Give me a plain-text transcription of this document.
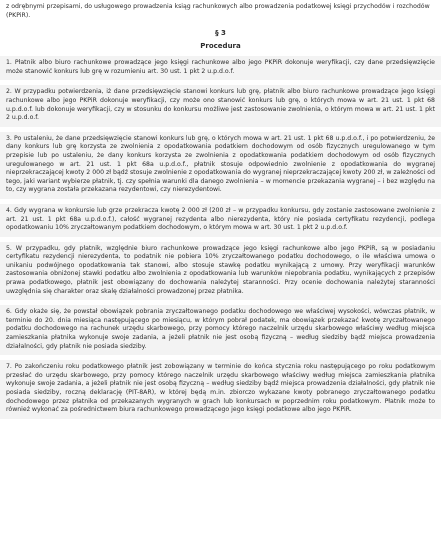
z odrębnymi przepisami, do usługowego prowadzenia ksiąg rachunkowych albo prowadzenia podatkowej księgi przychodów i rozchodów (PKPiR).

§ 3
Procedura
1. Płatnik albo biuro rachunkowe prowadzące jego księgi rachunkowe albo jego PKPiR dokonuje weryfikacji, czy dane przedsięwzięcie może stanowić konkurs lub grę w rozumieniu art. 30 ust. 1 pkt 2 u.p.d.o.f.
2. W przypadku potwierdzenia, iż dane przedsięwzięcie stanowi konkurs lub grę, płatnik albo biuro rachunkowe prowadzące jego księgi rachunkowe albo jego PKPiR dokonuje weryfikacji, czy może ono stanowić konkurs lub grę, o których mowa w art. 21 ust. 1 pkt 68 u.p.d.o.f. lub dokonuje weryfikacji, czy w stosunku do konkursu możliwe jest zastosowanie zwolnienia, o którym mowa w art. 21 ust. 1 pkt 2 u.p.d.o.f.
3. Po ustaleniu, że dane przedsięwzięcie stanowi konkurs lub grę, o których mowa w art. 21 ust. 1 pkt 68 u.p.d.o.f., i po potwierdzeniu, że dany konkurs lub grę korzysta ze zwolnienia z opodatkowania podatkiem dochodowym od osób fizycznych uregulowanego w tym przepisie lub po ustaleniu, że dany konkurs korzysta ze zwolnienia z opodatkowania podatkiem dochodowym od osób fizycznych uregulowanego w art. 21 ust. 1 pkt 68a u.p.d.o.f., płatnik stosuje odpowiednio zwolnienie z opodatkowania do wygranej nieprzekraczającej kwoty 2 000 zł bądź stosuje zwolnienie z opodatkowania do wygranej nieprzekraczającej kwoty 200 zł, w zależności od tego, jaki wariant wybierze płatnik, tj. czy spełnia warunki dla danego zwolnienia – w momencie przekazania wygranej – i bez względu na to, czy wygrana została przekazana rezydentowi, czy nierezydentowi.
4. Gdy wygrana w konkursie lub grze przekracza kwotę 2 000 zł (200 zł – w przypadku konkursu, gdy zostanie zastosowane zwolnienie z art. 21 ust. 1 pkt 68a u.p.d.o.f.), całość wygranej rezydenta albo nierezydenta, który nie posiada certyfikatu rezydencji, podlega opodatkowaniu 10% zryczałtowanym podatkiem dochodowym, o którym mowa w art. 30 ust. 1 pkt 2 u.p.d.o.f.
5. W przypadku, gdy płatnik, względnie biuro rachunkowe prowadzące jego księgi rachunkowe albo jego PKPiR, są w posiadaniu certyfikatu rezydencji nierezydenta, to podatnik nie pobiera 10% zryczałtowanego podatku dochodowego, o ile właściwa umowa o unikaniu podwójnego opodatkowania tak stanowi, albo stosuje stawkę podatku wynikającą z umowy. Przy weryfikacji warunków zastosowania obniżonej stawki podatku albo zwolnienia z opodatkowania lub warunków niepobrania podatku, wynikających z przepisów prawa podatkowego, płatnik jest obowiązany do dochowania należytej staranności. Przy ocenie dochowania należytej staranności uwzględnia się charakter oraz skalę działalności prowadzonej przez płatnika.
6. Gdy okaże się, że powstał obowiązek pobrania zryczałtowanego podatku dochodowego we właściwej wysokości, wówczas płatnik, w terminie do 20. dnia miesiąca następującego po miesiącu, w którym pobrał podatek, ma obowiązek przekazać kwotę zryczałtowanego podatku dochodowego na rachunek urzędu skarbowego, przy pomocy którego naczelnik urzędu skarbowego właściwy według miejsca zamieszkania płatnika wykonuje swoje zadania, a jeżeli płatnik nie jest osobą fizyczną – według siedziby bądź miejsca prowadzenia działalności, gdy płatnik nie posiada siedziby.
7. Po zakończeniu roku podatkowego płatnik jest zobowiązany w terminie do końca stycznia roku następującego po roku podatkowym przesłać do urzędu skarbowego, przy pomocy którego naczelnik urzędu skarbowego właściwy według miejsca zamieszkania płatnika wykonuje swoje zadania, a jeżeli płatnik nie jest osobą fizyczną – według siedziby bądź miejsca prowadzenia działalności, gdy płatnik nie posiada siedziby, roczną deklarację (PIT-8AR), w której będą m.in. zbiorczo wykazane kwoty pobranego zryczałtowanego podatku dochodowego przez płatnika od przekazanych wygranych w grach lub konkursach w poprzednim roku podatkowym. Płatnik może to również wykonać za pośrednictwem biura rachunkowego prowadzącego jego księgi podatkowe albo jego PKPiR.
